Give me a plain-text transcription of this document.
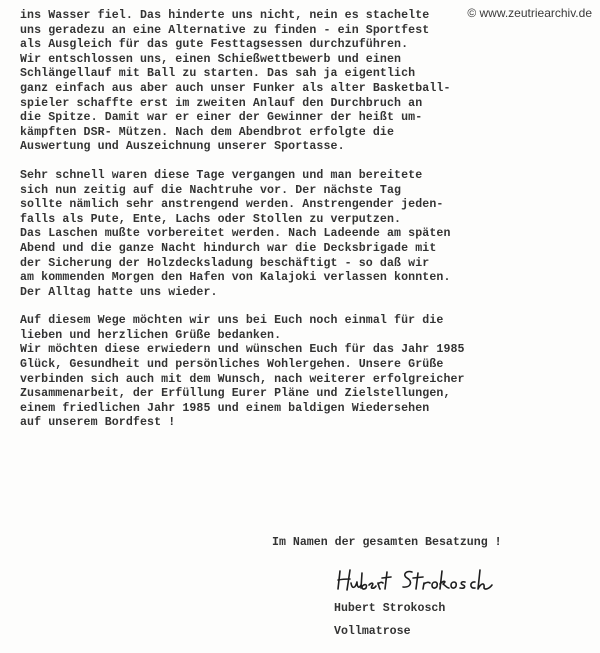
© www.zeutriearchiv.de
ins Wasser fiel. Das hinderte uns nicht, nein es stachelte
uns geradezu an eine Alternative zu finden - ein Sportfest
als Ausgleich für das gute Festtagsessen durchzuführen.
Wir entschlossen uns, einen Schießwettbewerb und einen
Schlängellauf mit Ball zu starten. Das sah ja eigentlich
ganz einfach aus aber auch unser Funker als alter Basketball-
spieler schaffte erst im zweiten Anlauf den Durchbruch an
die Spitze. Damit war er einer der Gewinner der heißt um-
kämpften DSR- Mützen. Nach dem Abendbrot erfolgte die
Auswertung und Auszeichnung unserer Sportasse.
Sehr schnell waren diese Tage vergangen und man bereitete
sich nun zeitig auf die Nachtruhe vor. Der nächste Tag
sollte nämlich sehr anstrengend werden. Anstrengender jeden-
falls als Pute, Ente, Lachs oder Stollen zu verputzen.
Das Laschen mußte vorbereitet werden. Nach Ladeende am späten
Abend und die ganze Nacht hindurch war die Decksbrigade mit
der Sicherung der Holzdecksladung beschäftigt - so daß wir
am kommenden Morgen den Hafen von Kalajoki verlassen konnten.
Der Alltag hatte uns wieder.
Auf diesem Wege möchten wir uns bei Euch noch einmal für die
lieben und herzlichen Grüße bedanken.
Wir möchten diese erwiedern und wünschen Euch für das Jahr 1985
Glück, Gesundheit und persönliches Wohlergehen. Unsere Grüße
verbinden sich auch mit dem Wunsch, nach weiterer erfolgreicher
Zusammenarbeit, der Erfüllung Eurer Pläne und Zielstellungen,
einem friedlichen Jahr 1985 und einem baldigen Wiedersehen
auf unserem Bordfest !
Im Namen der gesamten Besatzung !
Hubert Strokosch
Vollmatrose
